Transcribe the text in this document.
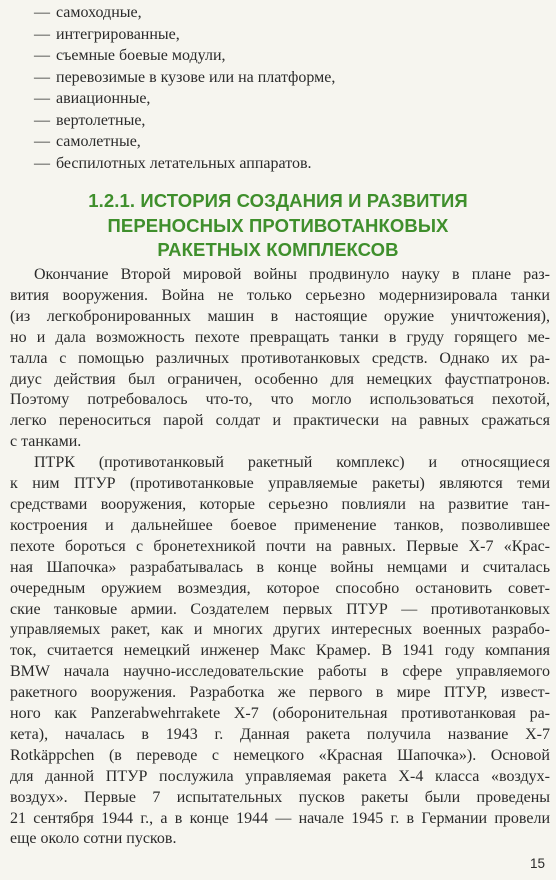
— самоходные,
— интегрированные,
— съемные боевые модули,
— перевозимые в кузове или на платформе,
— авиационные,
— вертолетные,
— самолетные,
— беспилотных летательных аппаратов.
1.2.1. ИСТОРИЯ СОЗДАНИЯ И РАЗВИТИЯ
ПЕРЕНОСНЫХ ПРОТИВОТАНКОВЫХ
РАКЕТНЫХ КОМПЛЕКСОВ
Окончание Второй мировой войны продвинуло науку в плане раз-
вития вооружения. Война не только серьезно модернизировала танки
(из легкобронированных машин в настоящие оружие уничтожения),
но и дала возможность пехоте превращать танки в груду горящего ме-
талла с помощью различных противотанковых средств. Однако их ра-
диус действия был ограничен, особенно для немецких фаустпатронов.
Поэтому потребовалось что-то, что могло использоваться пехотой,
легко переноситься парой солдат и практически на равных сражаться
с танками.
ПТРК (противотанковый ракетный комплекс) и относящиеся
к ним ПТУР (противотанковые управляемые ракеты) являются теми
средствами вооружения, которые серьезно повлияли на развитие тан-
костроения и дальнейшее боевое применение танков, позволившее
пехоте бороться с бронетехникой почти на равных. Первые X-7 «Крас-
ная Шапочка» разрабатывалась в конце войны немцами и считалась
очередным оружием возмездия, которое способно остановить совет-
ские танковые армии. Создателем первых ПТУР — противотанковых
управляемых ракет, как и многих других интересных военных разрабо-
ток, считается немецкий инженер Макс Крамер. В 1941 году компания
BMW начала научно-исследовательские работы в сфере управляемого
ракетного вооружения. Разработка же первого в мире ПТУР, извест-
ного как Panzerabwehrrakete X-7 (оборонительная противотанковая ра-
кета), началась в 1943 г. Данная ракета получила название X-7
Rotkäppchen (в переводе с немецкого «Красная Шапочка»). Основой
для данной ПТУР послужила управляемая ракета X-4 класса «воздух-
воздух». Первые 7 испытательных пусков ракеты были проведены
21 сентября 1944 г., а в конце 1944 — начале 1945 г. в Германии провели
еще около сотни пусков.
15
